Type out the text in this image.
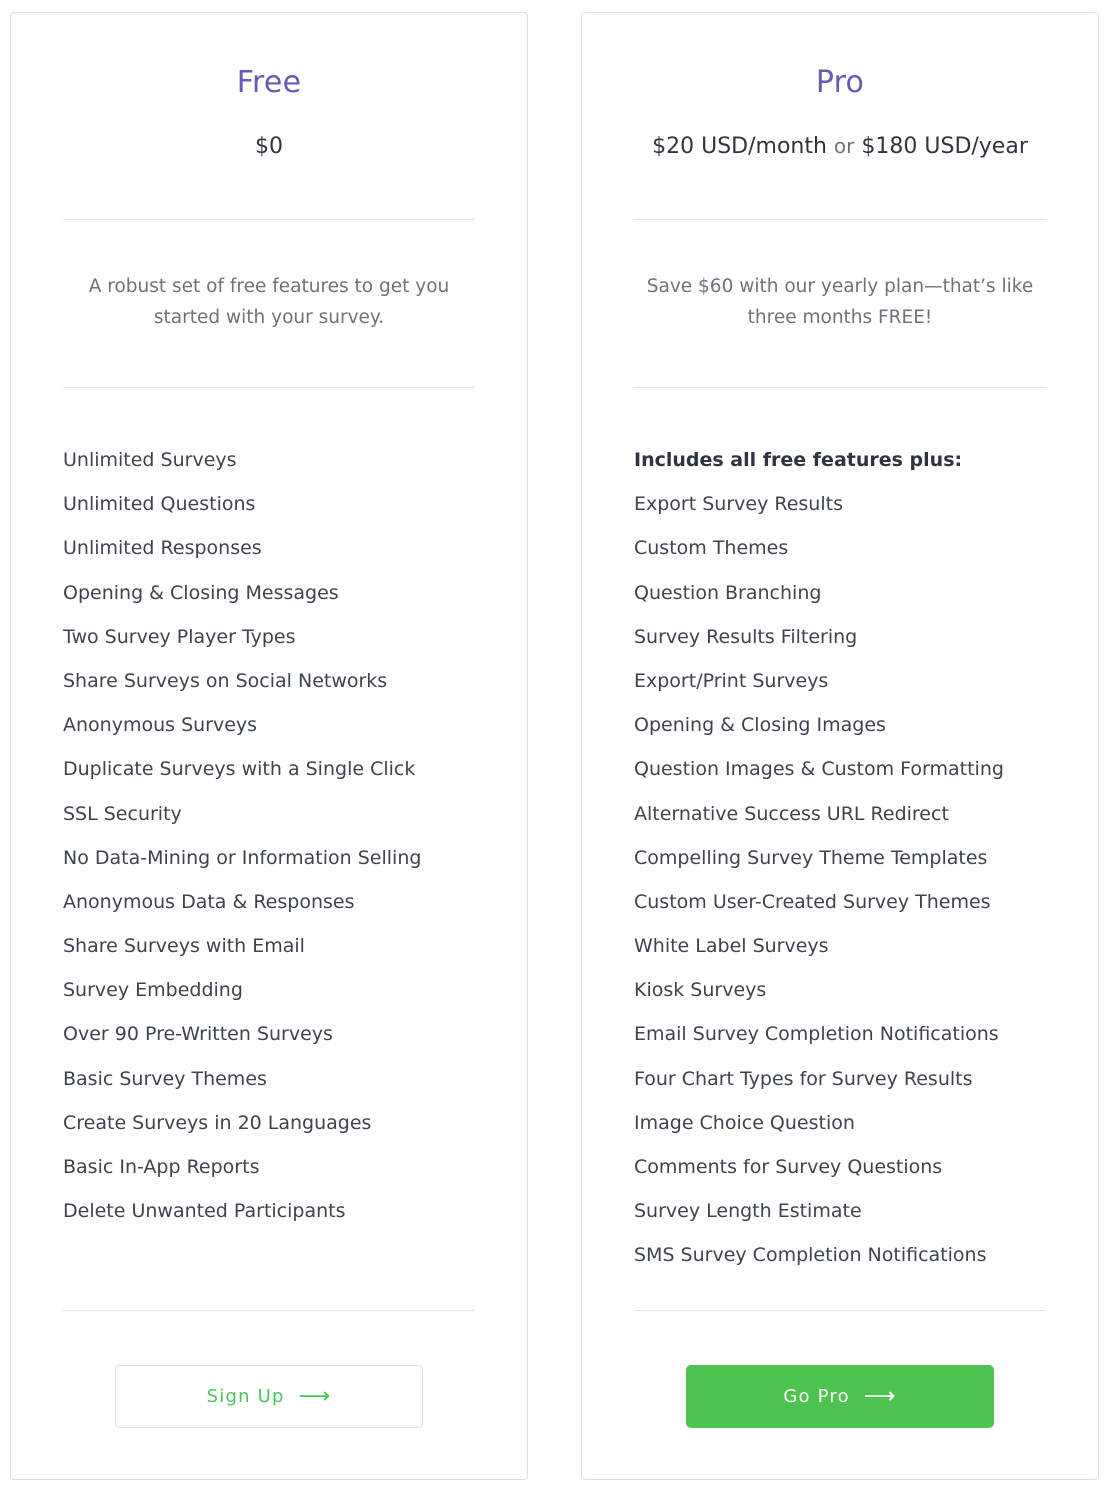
Free
$0

A robust set of free features to get you started with your survey.

Unlimited Surveys
Unlimited Questions
Unlimited Responses
Opening & Closing Messages
Two Survey Player Types
Share Surveys on Social Networks
Anonymous Surveys
Duplicate Surveys with a Single Click
SSL Security
No Data-Mining or Information Selling
Anonymous Data & Responses
Share Surveys with Email
Survey Embedding
Over 90 Pre-Written Surveys
Basic Survey Themes
Create Surveys in 20 Languages
Basic In-App Reports
Delete Unwanted Participants
Sign Up ⟶
Pro
$20 USD/month or $180 USD/year

Save $60 with our yearly plan—that’s like three months FREE!

Includes all free features plus:
Export Survey Results
Custom Themes
Question Branching
Survey Results Filtering
Export/Print Surveys
Opening & Closing Images
Question Images & Custom Formatting
Alternative Success URL Redirect
Compelling Survey Theme Templates
Custom User-Created Survey Themes
White Label Surveys
Kiosk Surveys
Email Survey Completion Notifications
Four Chart Types for Survey Results
Image Choice Question
Comments for Survey Questions
Survey Length Estimate
SMS Survey Completion Notifications
Go Pro ⟶
